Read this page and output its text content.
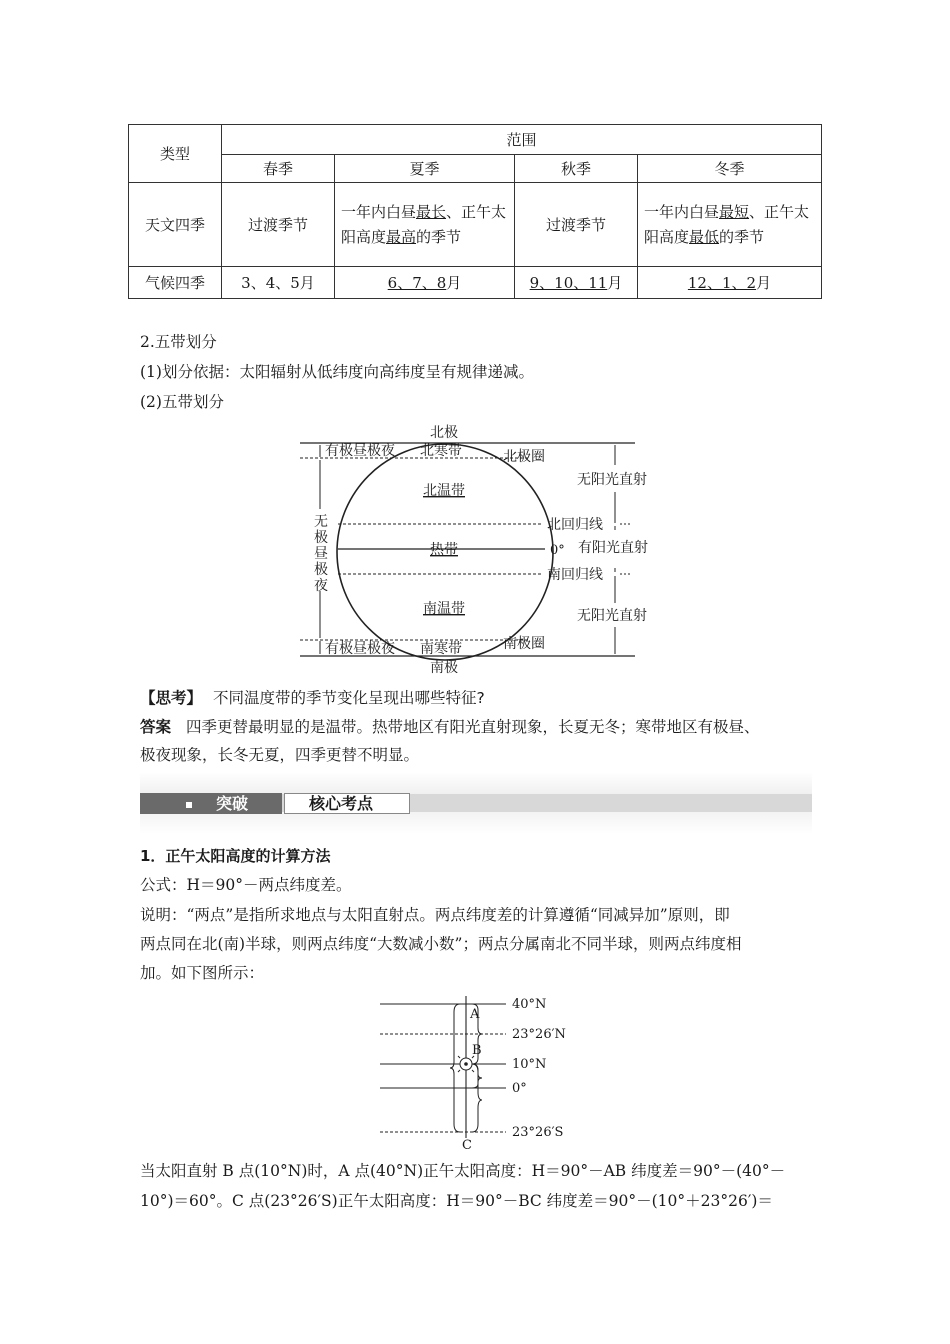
类型	范围			
	春季	夏季	秋季	冬季
天文四季	过渡季节	一年内白昼最长、正午太阳高度最高的季节	过渡季节	一年内白昼最短、正午太阳高度最低的季节
气候四季	3、4、5月	6、7、8月	9、10、11月	12、1、2月
2.五带划分
(1)划分依据：太阳辐射从低纬度向高纬度呈有规律递减。
(2)五带划分
北极
南极
有极昼极夜
有极昼极夜
北寒带
南寒带
北极圈
南极圈
北温带
热带
南温带
北回归线
0°
南回归线
无阳光直射
有阳光直射
无阳光直射
无极昼极夜
【思考】 不同温度带的季节变化呈现出哪些特征?
答案 四季更替最明显的是温带。热带地区有阳光直射现象，长夏无冬；寒带地区有极昼、
极夜现象，长冬无夏，四季更替不明显。
突破	核心考点
1．正午太阳高度的计算方法
公式：H＝90°－两点纬度差。
说明：“两点”是指所求地点与太阳直射点。两点纬度差的计算遵循“同减异加”原则，即
两点同在北(南)半球，则两点纬度“大数减小数”；两点分属南北不同半球，则两点纬度相
加。如下图所示：
A
B
C
40°N
23°26′N
10°N
0°
23°26′S
当太阳直射 B 点(10°N)时，A 点(40°N)正午太阳高度：H＝90°－AB 纬度差＝90°－(40°－
10°)＝60°。C 点(23°26′S)正午太阳高度：H＝90°－BC 纬度差＝90°－(10°＋23°26′)＝
